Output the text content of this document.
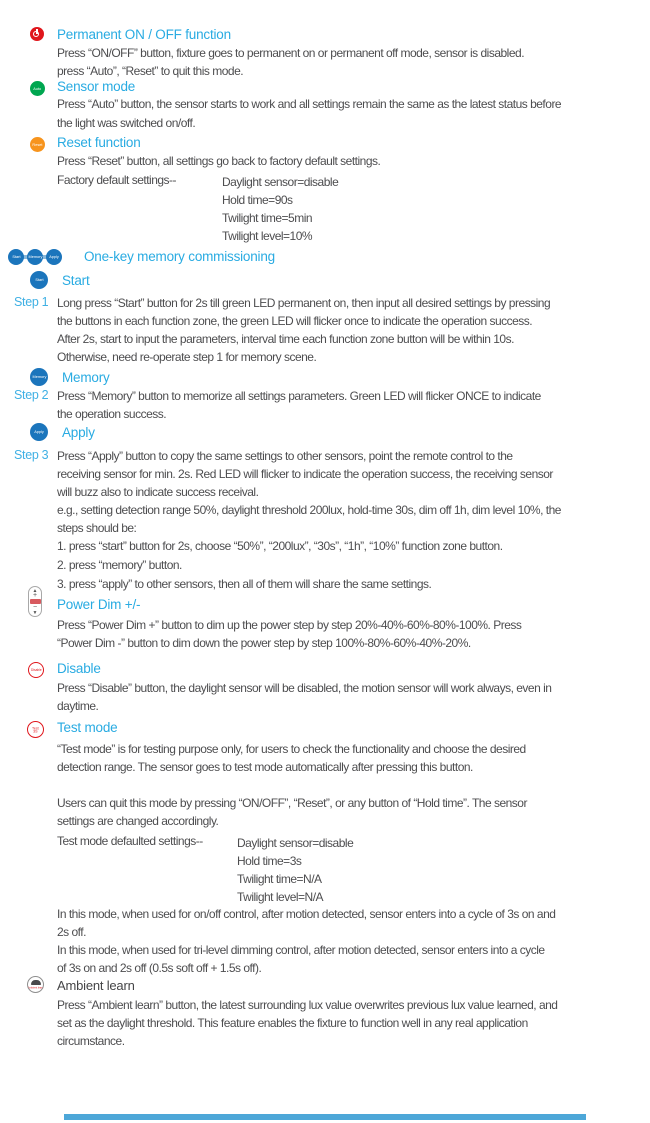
Permanent ON / OFF function
Press “ON/OFF” button, fixture goes to permanent on or permanent off mode, sensor is disabled.
press “Auto”, “Reset” to quit this mode.
Auto Sensor mode
Press “Auto” button, the sensor starts to work and all settings remain the same as the latest status before
the light was switched on/off.
Reset Reset function
Press “Reset” button, all settings go back to factory default settings.
Factory default settings--	Daylight sensor=disable
Hold time=90s
Twilight time=5min
Twilight level=10%
Start Memory Apply One-key memory commissioning
Start Start
Step 1 Long press “Start” button for 2s till green LED permanent on, then input all desired settings by pressing
the buttons in each function zone, the green LED will flicker once to indicate the operation success.
After 2s, start to input the parameters, interval time each function zone button will be within 10s.
Otherwise, need re-operate step 1 for memory scene.
Memory Memory
Step 2 Press “Memory” button to memorize all settings parameters. Green LED will flicker ONCE to indicate
the operation success.
Apply Apply
Step 3 Press “Apply” button to copy the same settings to other sensors, point the remote control to the
receiving sensor for min. 2s. Red LED will flicker to indicate the operation success, the receiving sensor
will buzz also to indicate success receival.
e.g., setting detection range 50%, daylight threshold 200lux, hold-time 30s, dim off 1h, dim level 10%, the
steps should be:
1. press “start” button for 2s, choose “50%”, “200lux”, “30s”, “1h”, “10%” function zone button.
2. press “memory” button.
3. press “apply” to other sensors, then all of them will share the same settings.
▲
+
−
▼
Power Dim +/-
Press “Power Dim +” button to dim up the power step by step 20%-40%-60%-80%-100%. Press
“Power Dim -” button to dim down the power step by step 100%-80%-60%-40%-20%.
Disable Disable
Press “Disable” button, the daylight sensor will be disabled, the motion sensor will work always, even in
daytime.
Test
3S Test mode
“Test mode” is for testing purpose only, for users to check the functionality and choose the desired
detection range. The sensor goes to test mode automatically after pressing this button.
Users can quit this mode by pressing “ON/OFF”, “Reset”, or any button of “Hold time”. The sensor
settings are changed accordingly.
Test mode defaulted settings--	Daylight sensor=disable
Hold time=3s
Twilight time=N/A
Twilight level=N/A
In this mode, when used for on/off control, after motion detected, sensor enters into a cycle of 3s on and
2s off.
In this mode, when used for tri-level dimming control, after motion detected, sensor enters into a cycle
of 3s on and 2s off (0.5s soft off + 1.5s off).
Ambient learn Ambient learn
Press “Ambient learn” button, the latest surrounding lux value overwrites previous lux value learned, and
set as the daylight threshold. This feature enables the fixture to function well in any real application
circumstance.
